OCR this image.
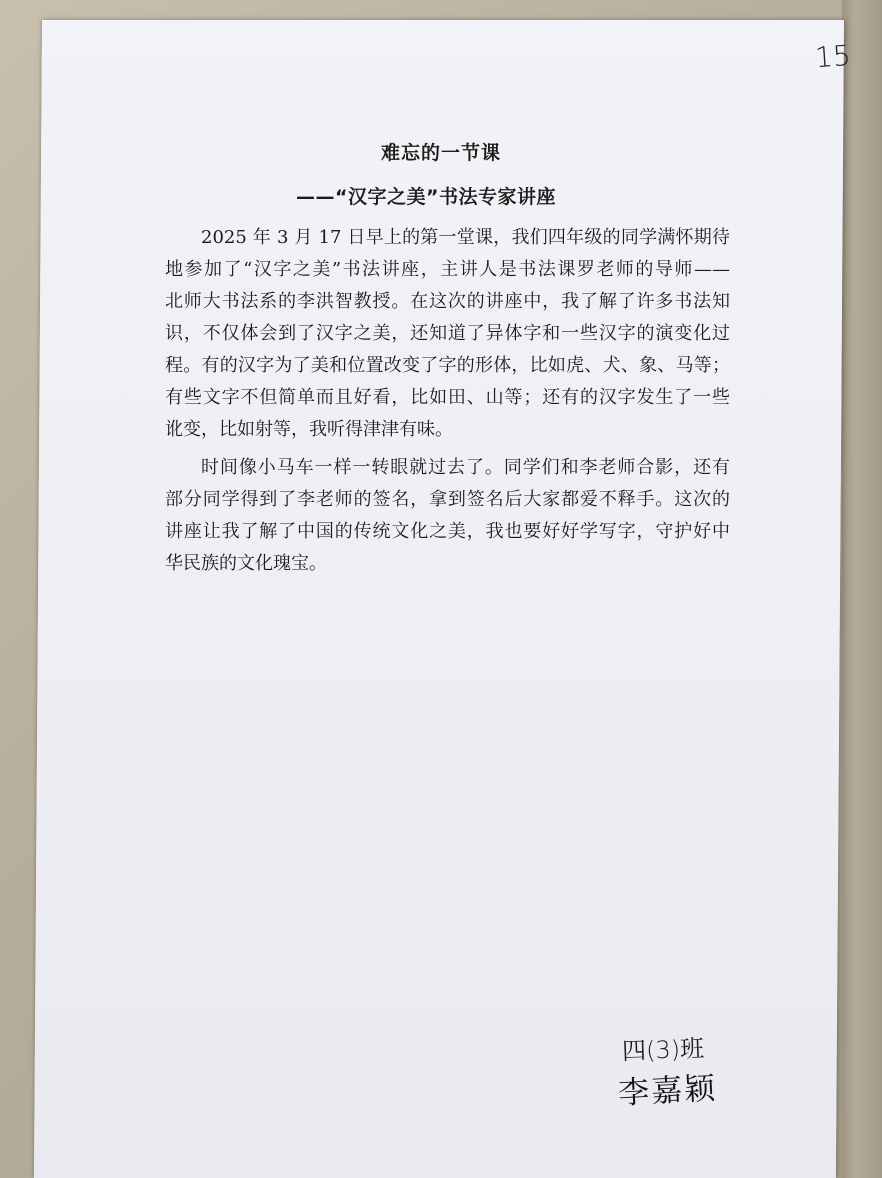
15
难忘的一节课
——“汉字之美”书法专家讲座
2025 年 3 月 17 日早上的第一堂课，我们四年级的同学满怀期待
地参加了“汉字之美”书法讲座，主讲人是书法课罗老师的导师——
北师大书法系的李洪智教授。在这次的讲座中，我了解了许多书法知
识，不仅体会到了汉字之美，还知道了异体字和一些汉字的演变化过
程。有的汉字为了美和位置改变了字的形体，比如虎、犬、象、马等；
有些文字不但简单而且好看，比如田、山等；还有的汉字发生了一些
讹变，比如射等，我听得津津有味。
时间像小马车一样一转眼就过去了。同学们和李老师合影，还有
部分同学得到了李老师的签名，拿到签名后大家都爱不释手。这次的
讲座让我了解了中国的传统文化之美，我也要好好学写字，守护好中
华民族的文化瑰宝。
四(3)班
李嘉颖
